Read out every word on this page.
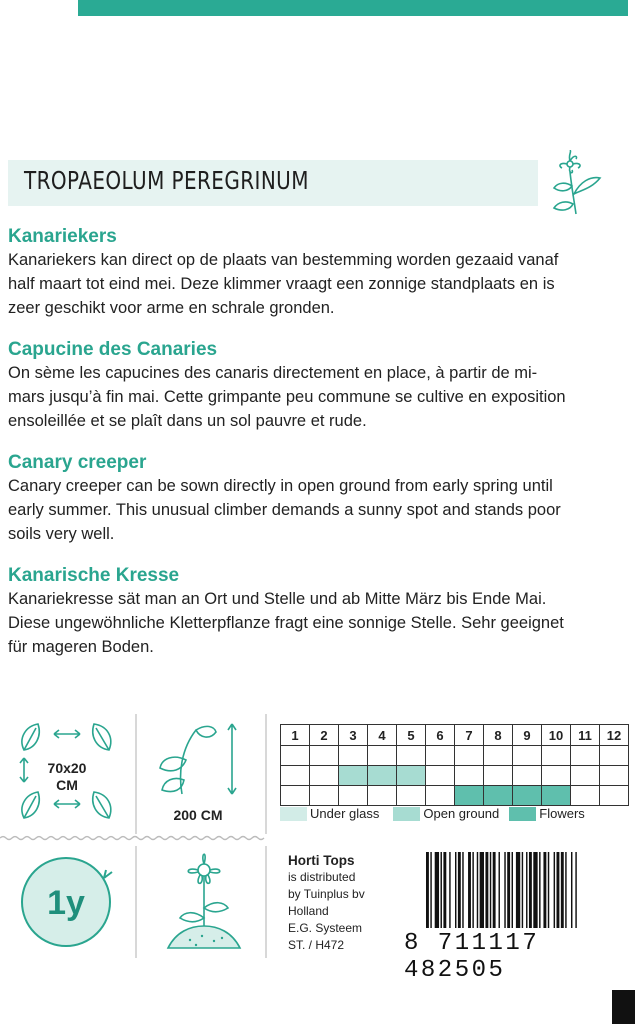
TROPAEOLUM PEREGRINUM

Kanariekers

Kanariekers kan direct op de plaats van bestemming worden gezaaid vanaf
half maart tot eind mei. Deze klimmer vraagt een zonnige standplaats en is
zeer geschikt voor arme en schrale gronden.

Capucine des Canaries

On sème les capucines des canaris directement en place, à partir de mi-
mars jusqu’à fin mai. Cette grimpante peu commune se cultive en exposition
ensoleillée et se plaît dans un sol pauvre et rude.

Canary creeper

Canary creeper can be sown directly in open ground from early spring until
early summer. This unusual climber demands a sunny spot and stands poor
soils very well.

Kanarische Kresse

Kanariekresse sät man an Ort und Stelle und ab Mitte März bis Ende Mai.
Diese ungewöhnliche Kletterpflanze fragt eine sonnige Stelle. Sehr geeignet
für mageren Boden.

70x20
CM
200 CM
1y
1	2	3	4	5	6	7	8	9	10	11	12

Under glass	Open ground	Flowers
Horti Tops
is distributed
by Tuinplus bv
Holland
E.G. Systeem
ST. / H472	8 711117 482505
